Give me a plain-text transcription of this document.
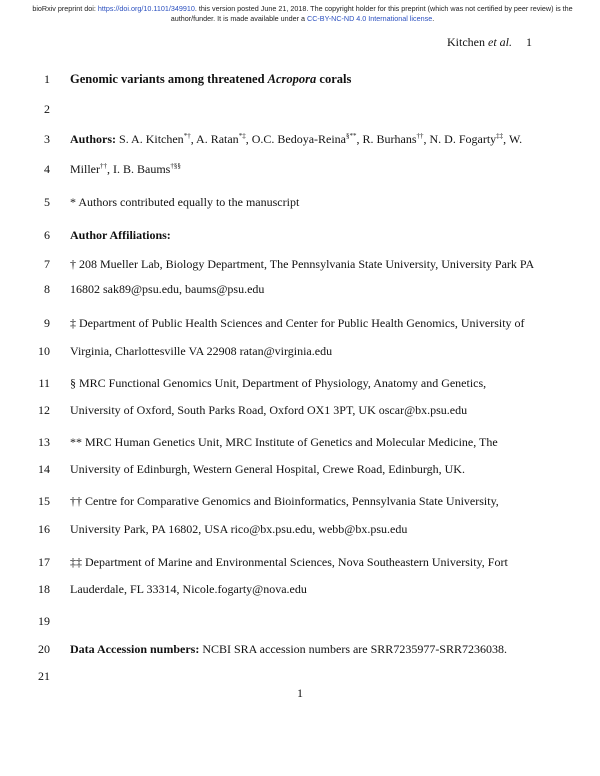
bioRxiv preprint doi: https://doi.org/10.1101/349910. this version posted June 21, 2018. The copyright holder for this preprint (which was not certified by peer review) is the author/funder. It is made available under a CC-BY-NC-ND 4.0 International license.
Kitchen et al. 1
1 Genomic variants among threatened Acropora corals
2
3 Authors: S. A. Kitchen*†, A. Ratan*‡, O.C. Bedoya-Reina§**, R. Burhans††, N. D. Fogarty‡‡, W.
4 Miller††, I. B. Baums†§§
5 * Authors contributed equally to the manuscript
6 Author Affiliations:
7 † 208 Mueller Lab, Biology Department, The Pennsylvania State University, University Park PA
8 16802 sak89@psu.edu, baums@psu.edu
9 ‡ Department of Public Health Sciences and Center for Public Health Genomics, University of
10 Virginia, Charlottesville VA 22908 ratan@virginia.edu
11 § MRC Functional Genomics Unit, Department of Physiology, Anatomy and Genetics,
12 University of Oxford, South Parks Road, Oxford OX1 3PT, UK oscar@bx.psu.edu
13 ** MRC Human Genetics Unit, MRC Institute of Genetics and Molecular Medicine, The
14 University of Edinburgh, Western General Hospital, Crewe Road, Edinburgh, UK.
15 †† Centre for Comparative Genomics and Bioinformatics, Pennsylvania State University,
16 University Park, PA 16802, USA rico@bx.psu.edu, webb@bx.psu.edu
17 ‡‡ Department of Marine and Environmental Sciences, Nova Southeastern University, Fort
18 Lauderdale, FL 33314, Nicole.fogarty@nova.edu
19
20 Data Accession numbers: NCBI SRA accession numbers are SRR7235977-SRR7236038.
21
1
